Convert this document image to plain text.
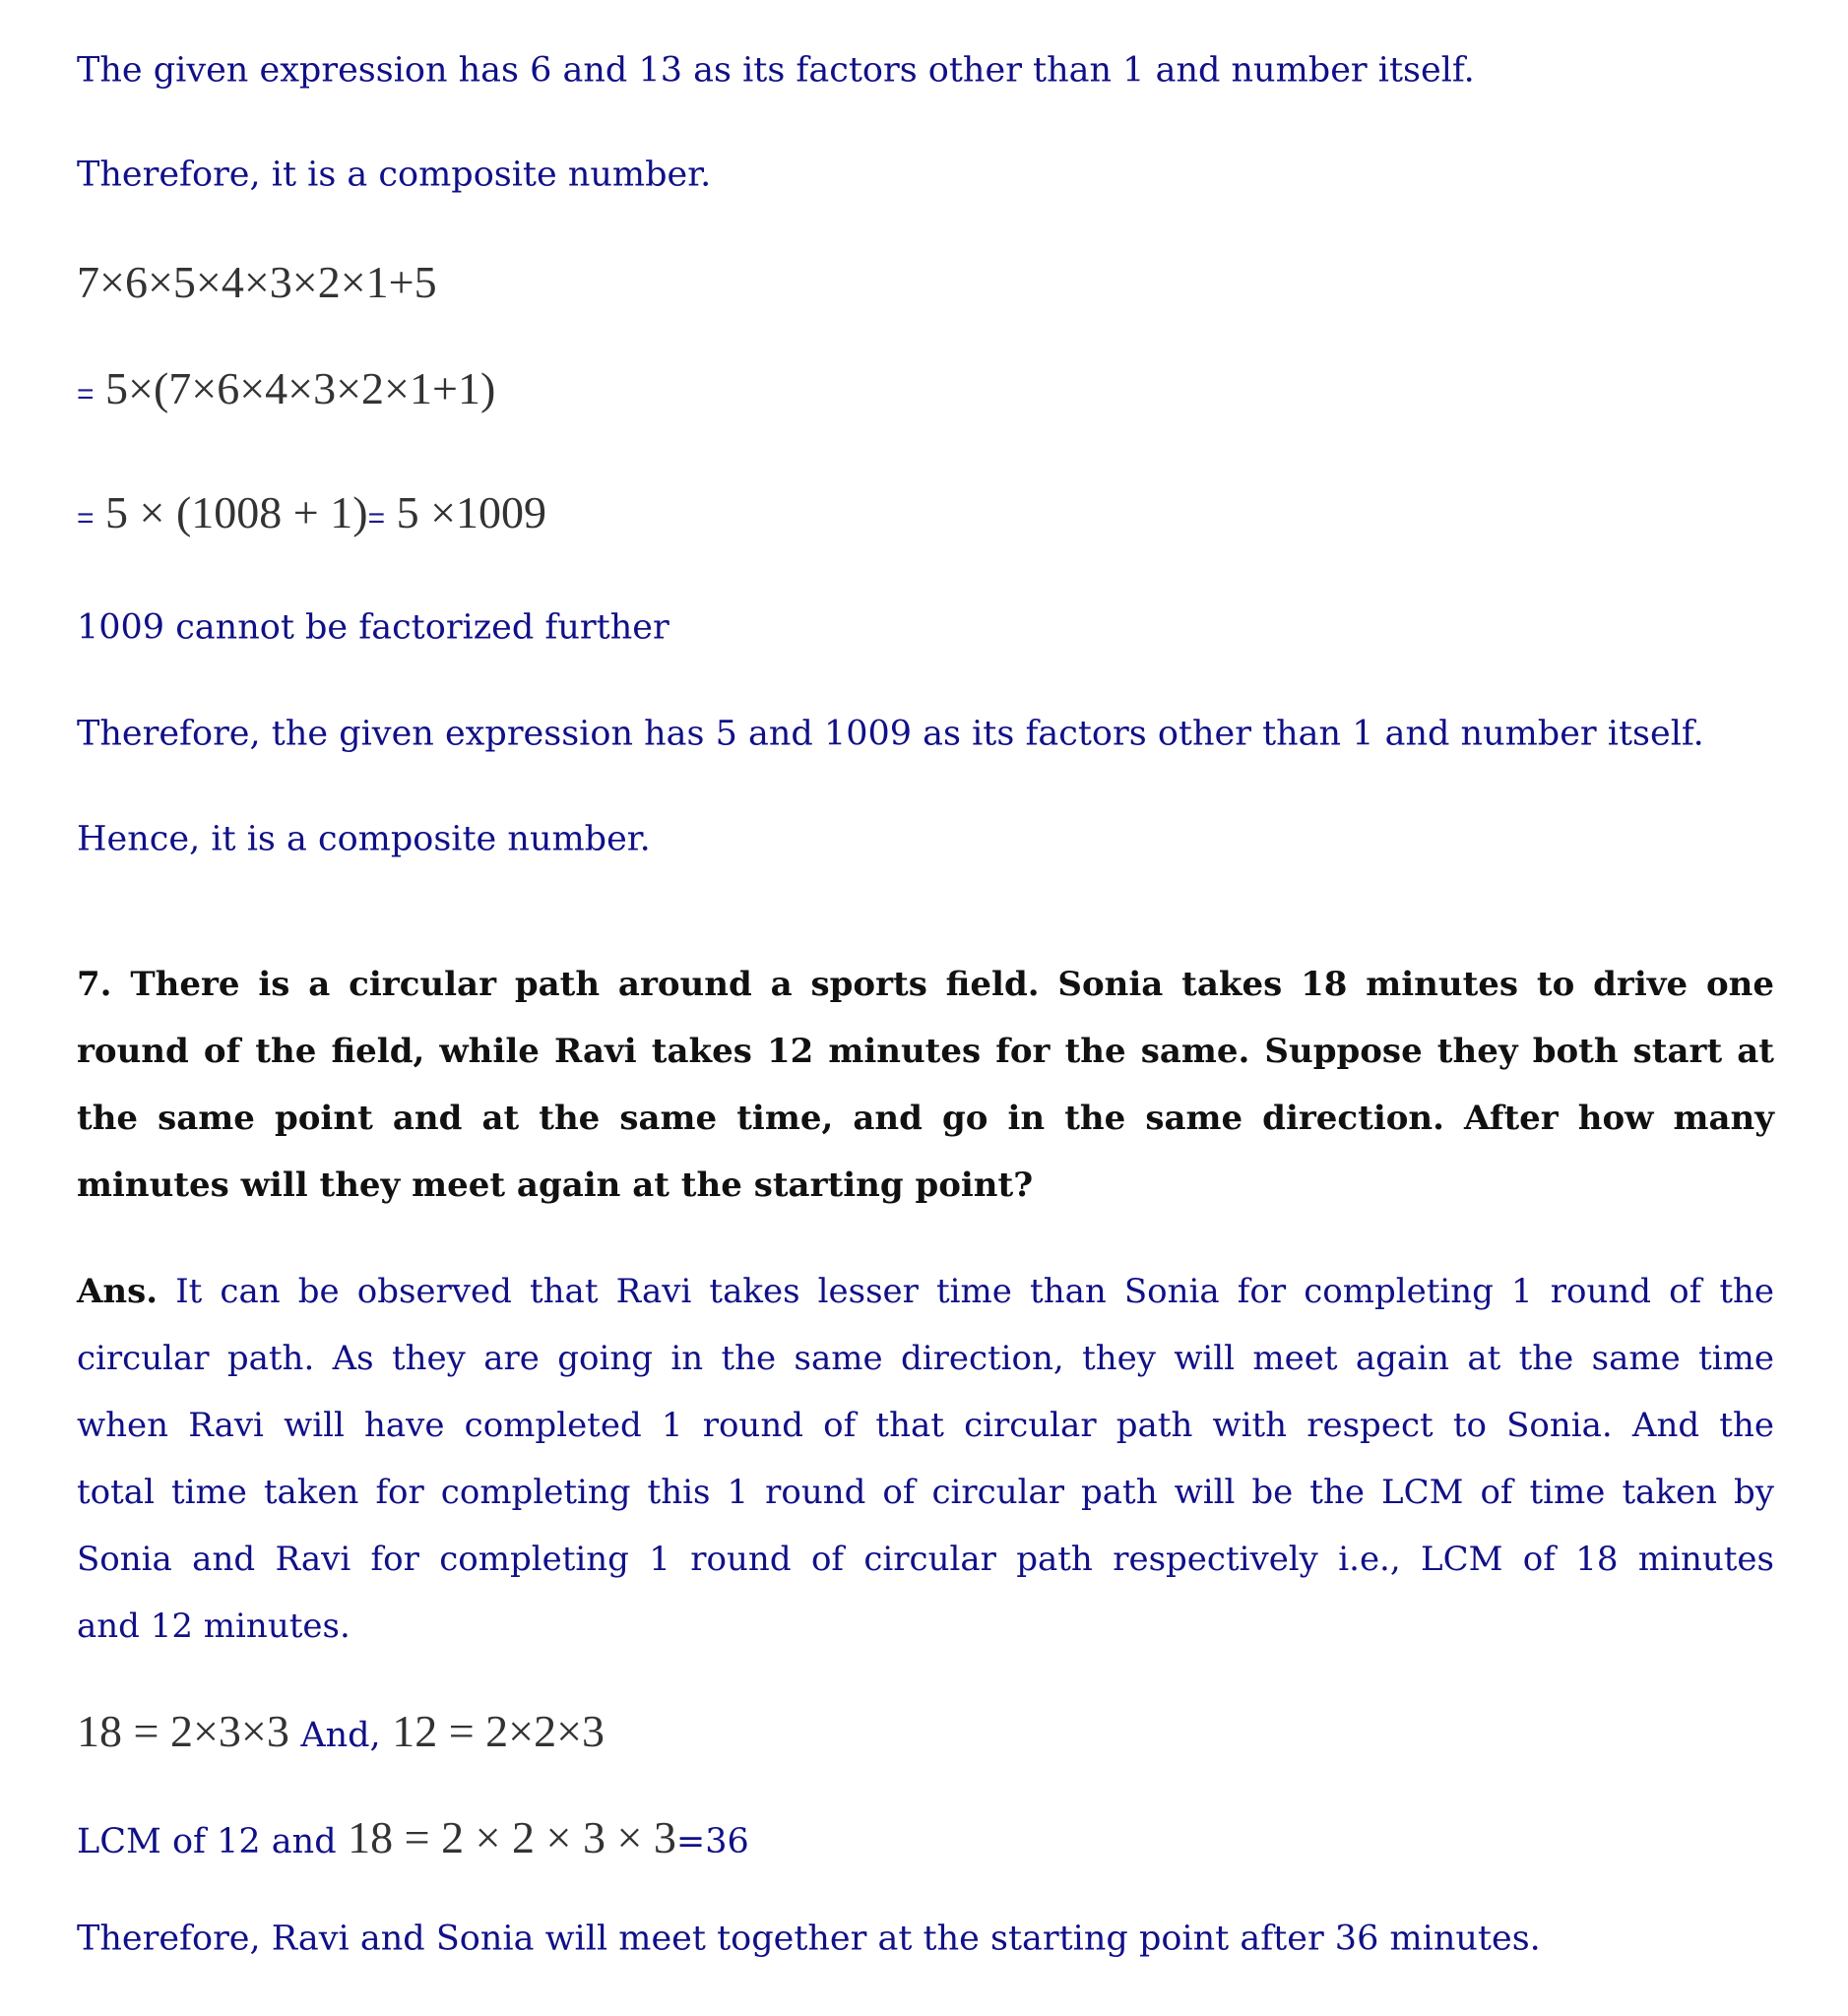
The given expression has 6 and 13 as its factors other than 1 and number itself.
Therefore, it is a composite number.
7×6×5×4×3×2×1+5
= 5×(7×6×4×3×2×1+1)
= 5 × (1008 + 1)= 5 ×1009
1009 cannot be factorized further
Therefore, the given expression has 5 and 1009 as its factors other than 1 and number itself.
Hence, it is a composite number.
7. There is a circular path around a sports field. Sonia takes 18 minutes to drive one
round of the field, while Ravi takes 12 minutes for the same. Suppose they both start at
the same point and at the same time, and go in the same direction. After how many
minutes will they meet again at the starting point?
Ans. It can be observed that Ravi takes lesser time than Sonia for completing 1 round of the
circular path. As they are going in the same direction, they will meet again at the same time
when Ravi will have completed 1 round of that circular path with respect to Sonia. And the
total time taken for completing this 1 round of circular path will be the LCM of time taken by
Sonia and Ravi for completing 1 round of circular path respectively i.e., LCM of 18 minutes
and 12 minutes.
18 = 2×3×3 And, 12 = 2×2×3
LCM of 12 and 18 = 2 × 2 × 3 × 3=36
Therefore, Ravi and Sonia will meet together at the starting point after 36 minutes.
